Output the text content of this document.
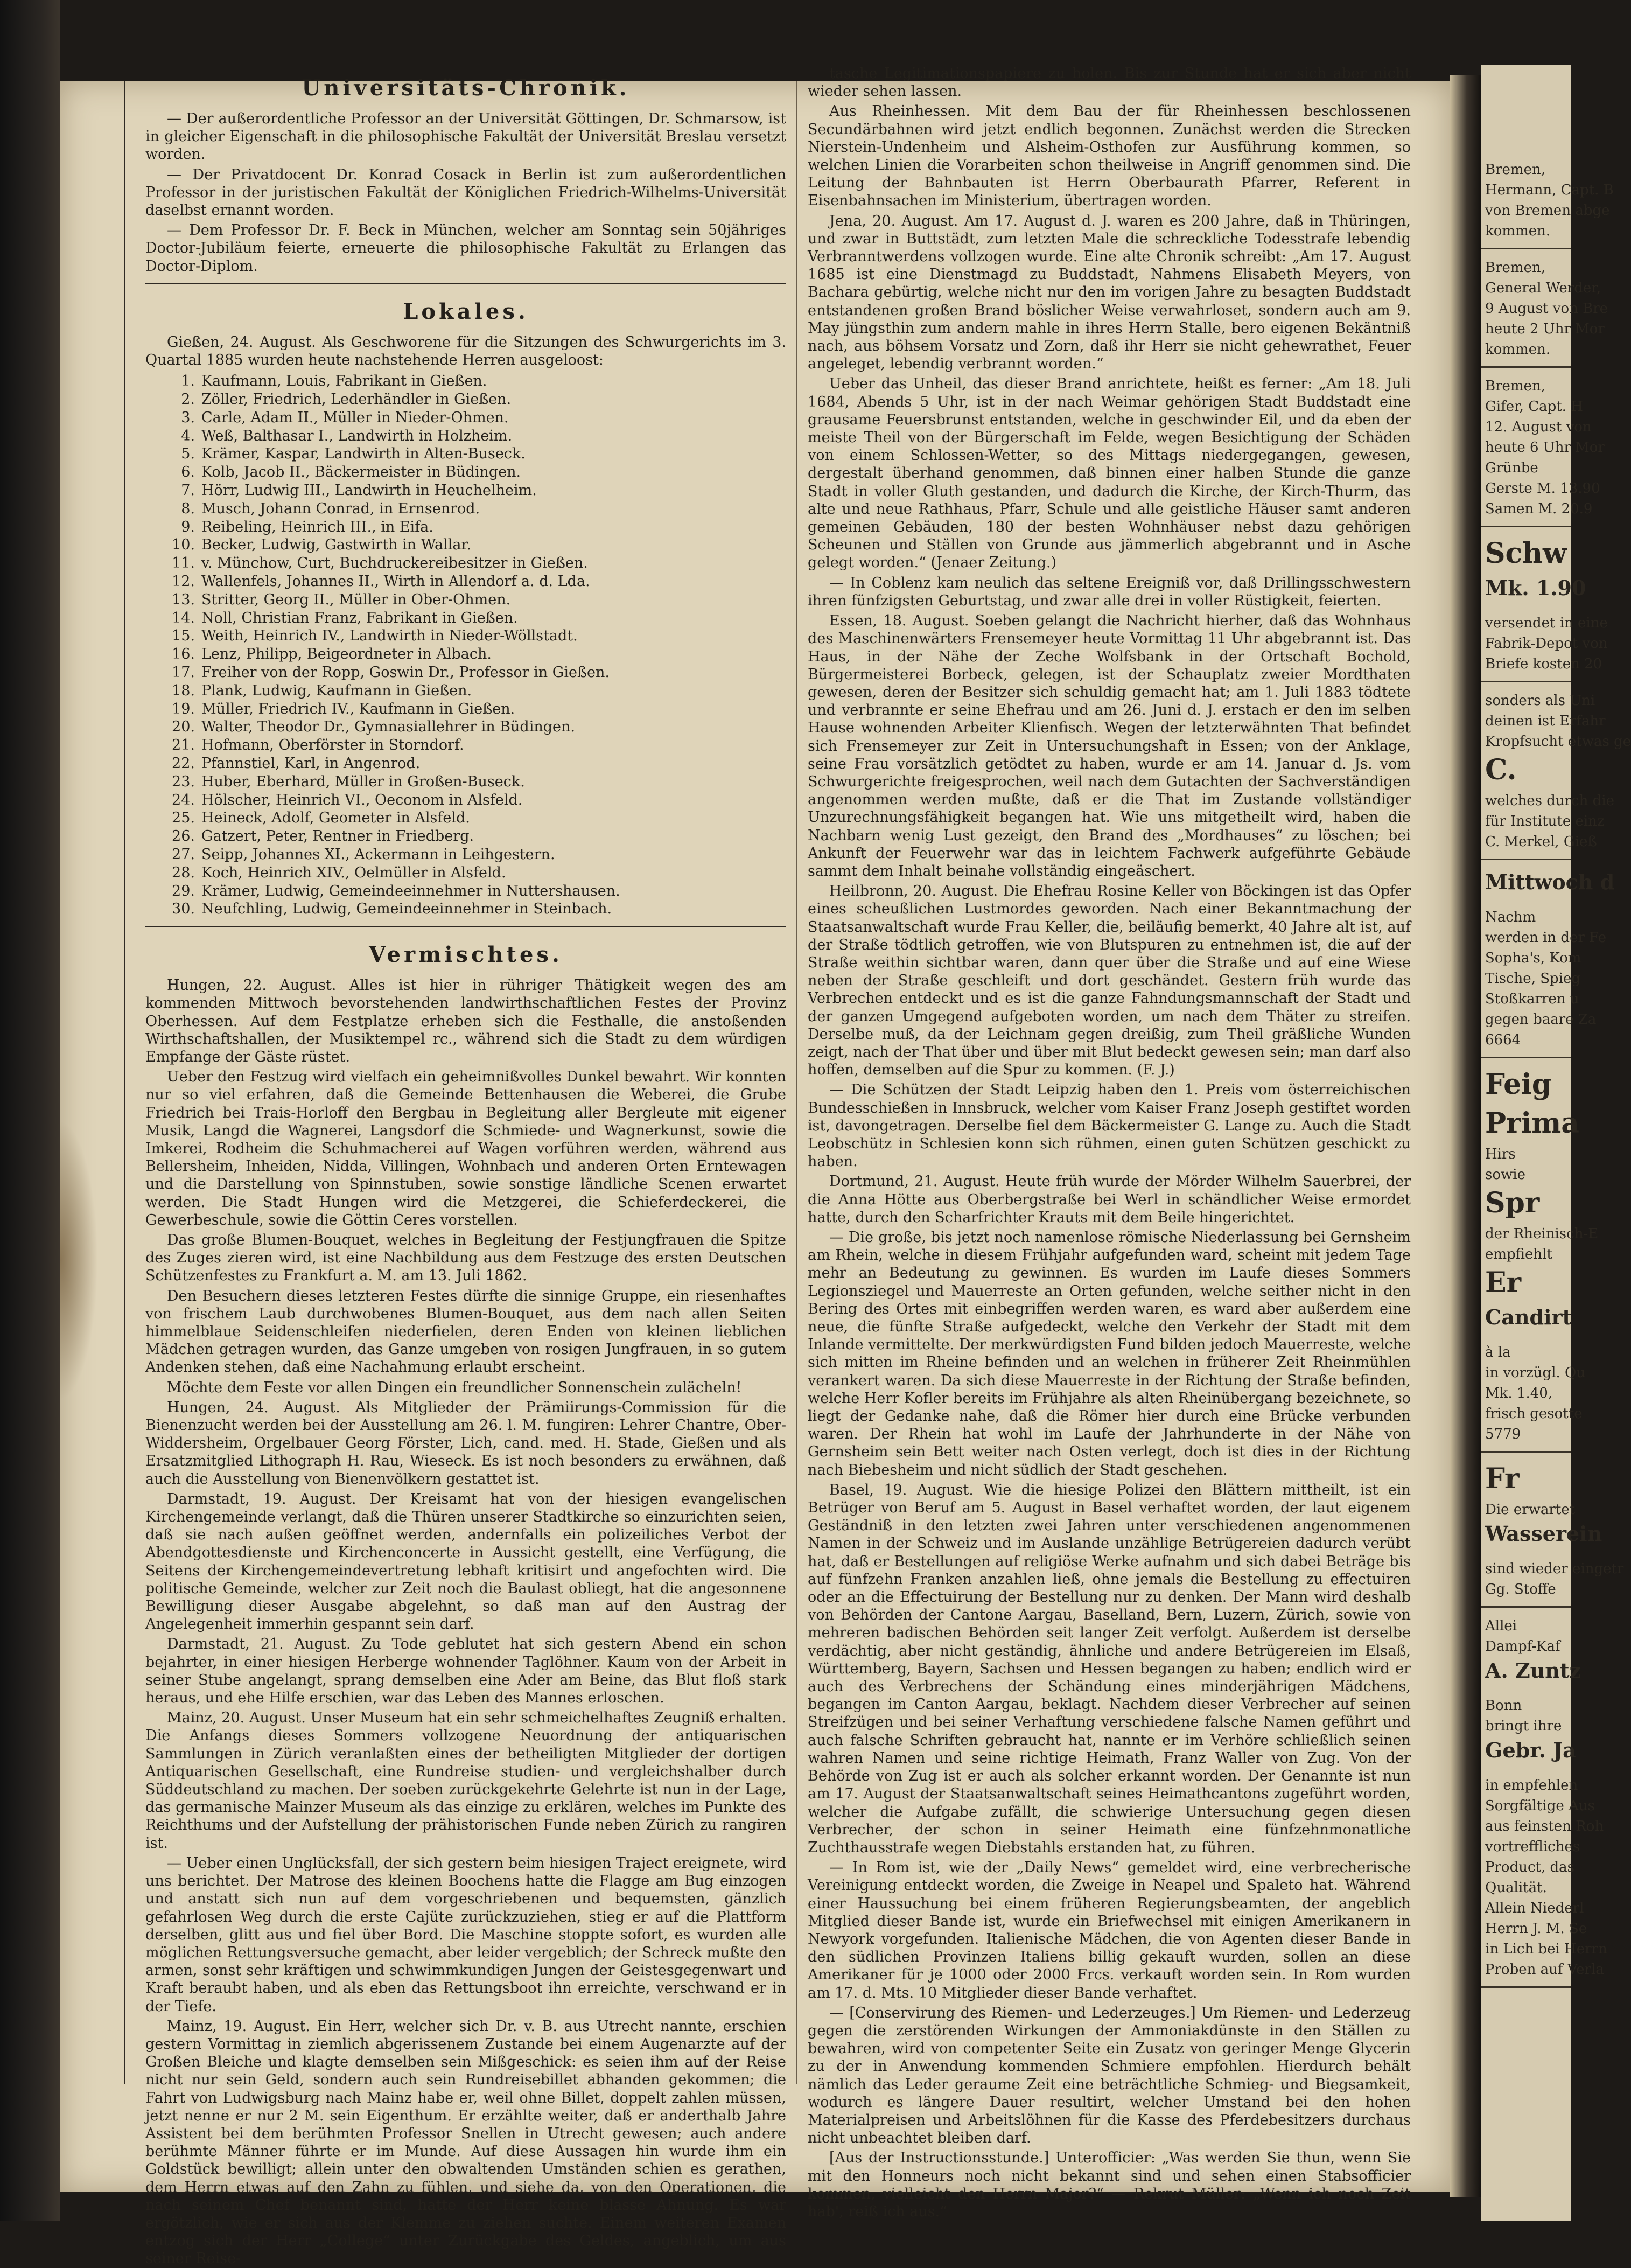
Universitäts-Chronik.

— Der außerordentliche Professor an der Universität Göttingen, Dr. Schmarsow, ist in gleicher Eigenschaft in die philosophische Fakultät der Universität Breslau versetzt worden.

— Der Privatdocent Dr. Konrad Cosack in Berlin ist zum außerordentlichen Professor in der juristischen Fakultät der Königlichen Friedrich-Wilhelms-Universität daselbst ernannt worden.

— Dem Professor Dr. F. Beck in München, welcher am Sonntag sein 50jähriges Doctor-Jubiläum feierte, erneuerte die philosophische Fakultät zu Erlangen das Doctor-Diplom.

Lokales.

Gießen, 24. August. Als Geschworene für die Sitzungen des Schwurgerichts im 3. Quartal 1885 wurden heute nachstehende Herren ausgeloost:

1. Kaufmann, Louis, Fabrikant in Gießen.
2. Zöller, Friedrich, Lederhändler in Gießen.
3. Carle, Adam II., Müller in Nieder-Ohmen.
4. Weß, Balthasar I., Landwirth in Holzheim.
5. Krämer, Kaspar, Landwirth in Alten-Buseck.
6. Kolb, Jacob II., Bäckermeister in Büdingen.
7. Hörr, Ludwig III., Landwirth in Heuchelheim.
8. Musch, Johann Conrad, in Ernsenrod.
9. Reibeling, Heinrich III., in Eifa.
10. Becker, Ludwig, Gastwirth in Wallar.
11. v. Münchow, Curt, Buchdruckereibesitzer in Gießen.
12. Wallenfels, Johannes II., Wirth in Allendorf a. d. Lda.
13. Stritter, Georg II., Müller in Ober-Ohmen.
14. Noll, Christian Franz, Fabrikant in Gießen.
15. Weith, Heinrich IV., Landwirth in Nieder-Wöllstadt.
16. Lenz, Philipp, Beigeordneter in Albach.
17. Freiher von der Ropp, Goswin Dr., Professor in Gießen.
18. Plank, Ludwig, Kaufmann in Gießen.
19. Müller, Friedrich IV., Kaufmann in Gießen.
20. Walter, Theodor Dr., Gymnasiallehrer in Büdingen.
21. Hofmann, Oberförster in Storndorf.
22. Pfannstiel, Karl, in Angenrod.
23. Huber, Eberhard, Müller in Großen-Buseck.
24. Hölscher, Heinrich VI., Oeconom in Alsfeld.
25. Heineck, Adolf, Geometer in Alsfeld.
26. Gatzert, Peter, Rentner in Friedberg.
27. Seipp, Johannes XI., Ackermann in Leihgestern.
28. Koch, Heinrich XIV., Oelmüller in Alsfeld.
29. Krämer, Ludwig, Gemeindeeinnehmer in Nuttershausen.
30. Neufchling, Ludwig, Gemeindeeinnehmer in Steinbach.
Vermischtes.

Hungen, 22. August. Alles ist hier in rühriger Thätigkeit wegen des am kommenden Mittwoch bevorstehenden landwirthschaftlichen Festes der Provinz Oberhessen. Auf dem Festplatze erheben sich die Festhalle, die anstoßenden Wirthschaftshallen, der Musiktempel rc., während sich die Stadt zu dem würdigen Empfange der Gäste rüstet.

Ueber den Festzug wird vielfach ein geheimnißvolles Dunkel bewahrt. Wir konnten nur so viel erfahren, daß die Gemeinde Bettenhausen die Weberei, die Grube Friedrich bei Trais-Horloff den Bergbau in Begleitung aller Bergleute mit eigener Musik, Langd die Wagnerei, Langsdorf die Schmiede- und Wagnerkunst, sowie die Imkerei, Rodheim die Schuhmacherei auf Wagen vorführen werden, während aus Bellersheim, Inheiden, Nidda, Villingen, Wohnbach und anderen Orten Erntewagen und die Darstellung von Spinnstuben, sowie sonstige ländliche Scenen erwartet werden. Die Stadt Hungen wird die Metzgerei, die Schieferdeckerei, die Gewerbeschule, sowie die Göttin Ceres vorstellen.

Das große Blumen-Bouquet, welches in Begleitung der Festjungfrauen die Spitze des Zuges zieren wird, ist eine Nachbildung aus dem Festzuge des ersten Deutschen Schützenfestes zu Frankfurt a. M. am 13. Juli 1862.

Den Besuchern dieses letzteren Festes dürfte die sinnige Gruppe, ein riesenhaftes von frischem Laub durchwobenes Blumen-Bouquet, aus dem nach allen Seiten himmelblaue Seidenschleifen niederfielen, deren Enden von kleinen lieblichen Mädchen getragen wurden, das Ganze umgeben von rosigen Jungfrauen, in so gutem Andenken stehen, daß eine Nachahmung erlaubt erscheint.

Möchte dem Feste vor allen Dingen ein freundlicher Sonnenschein zulächeln!

Hungen, 24. August. Als Mitglieder der Prämiirungs-Commission für die Bienenzucht werden bei der Ausstellung am 26. l. M. fungiren: Lehrer Chantre, Ober-Widdersheim, Orgelbauer Georg Förster, Lich, cand. med. H. Stade, Gießen und als Ersatzmitglied Lithograph H. Rau, Wieseck. Es ist noch besonders zu erwähnen, daß auch die Ausstellung von Bienenvölkern gestattet ist.

Darmstadt, 19. August. Der Kreisamt hat von der hiesigen evangelischen Kirchengemeinde verlangt, daß die Thüren unserer Stadtkirche so einzurichten seien, daß sie nach außen geöffnet werden, andernfalls ein polizeiliches Verbot der Abendgottesdienste und Kirchenconcerte in Aussicht gestellt, eine Verfügung, die Seitens der Kirchengemeindevertretung lebhaft kritisirt und angefochten wird. Die politische Gemeinde, welcher zur Zeit noch die Baulast obliegt, hat die angesonnene Bewilligung dieser Ausgabe abgelehnt, so daß man auf den Austrag der Angelegenheit immerhin gespannt sein darf.

Darmstadt, 21. August. Zu Tode geblutet hat sich gestern Abend ein schon bejahrter, in einer hiesigen Herberge wohnender Taglöhner. Kaum von der Arbeit in seiner Stube angelangt, sprang demselben eine Ader am Beine, das Blut floß stark heraus, und ehe Hilfe erschien, war das Leben des Mannes erloschen.

Mainz, 20. August. Unser Museum hat ein sehr schmeichelhaftes Zeugniß erhalten. Die Anfangs dieses Sommers vollzogene Neuordnung der antiquarischen Sammlungen in Zürich veranlaßten eines der betheiligten Mitglieder der dortigen Antiquarischen Gesellschaft, eine Rundreise studien- und vergleichshalber durch Süddeutschland zu machen. Der soeben zurückgekehrte Gelehrte ist nun in der Lage, das germanische Mainzer Museum als das einzige zu erklären, welches im Punkte des Reichthums und der Aufstellung der prähistorischen Funde neben Zürich zu rangiren ist.

— Ueber einen Unglücksfall, der sich gestern beim hiesigen Traject ereignete, wird uns berichtet. Der Matrose des kleinen Boochens hatte die Flagge am Bug einzogen und anstatt sich nun auf dem vorgeschriebenen und bequemsten, gänzlich gefahrlosen Weg durch die erste Cajüte zurückzuziehen, stieg er auf die Plattform derselben, glitt aus und fiel über Bord. Die Maschine stoppte sofort, es wurden alle möglichen Rettungsversuche gemacht, aber leider vergeblich; der Schreck mußte den armen, sonst sehr kräftigen und schwimmkundigen Jungen der Geistesgegenwart und Kraft beraubt haben, und als eben das Rettungsboot ihn erreichte, verschwand er in der Tiefe.

Mainz, 19. August. Ein Herr, welcher sich Dr. v. B. aus Utrecht nannte, erschien gestern Vormittag in ziemlich abgerissenem Zustande bei einem Augenarzte auf der Großen Bleiche und klagte demselben sein Mißgeschick: es seien ihm auf der Reise nicht nur sein Geld, sondern auch sein Rundreisebillet abhanden gekommen; die Fahrt von Ludwigsburg nach Mainz habe er, weil ohne Billet, doppelt zahlen müssen, jetzt nenne er nur 2 M. sein Eigenthum. Er erzählte weiter, daß er anderthalb Jahre Assistent bei dem berühmten Professor Snellen in Utrecht gewesen; auch andere berühmte Männer führte er im Munde. Auf diese Aussagen hin wurde ihm ein Goldstück bewilligt; allein unter den obwaltenden Umständen schien es gerathen, dem Herrn etwas auf den Zahn zu fühlen, und siehe da, von den Operationen, die nach seinem Chef benannt sind, hatte der Herr keine blasse Ahnung. Es war ergötzlich, wie er sich aus der Klemme zu ziehen suchte. Einem weiteren Examen entzog sich der Herr „College“ unter Zurückgabe des Geldes, angeblich, um aus seiner Reise-

tasche Legitimationspapiere zu holen. Bis zur Stunde hat er sich aber nicht wieder sehen lassen.

Aus Rheinhessen. Mit dem Bau der für Rheinhessen beschlossenen Secundärbahnen wird jetzt endlich begonnen. Zunächst werden die Strecken Nierstein-Undenheim und Alsheim-Osthofen zur Ausführung kommen, so welchen Linien die Vorarbeiten schon theilweise in Angriff genommen sind. Die Leitung der Bahnbauten ist Herrn Oberbaurath Pfarrer, Referent in Eisenbahnsachen im Ministerium, übertragen worden.

Jena, 20. August. Am 17. August d. J. waren es 200 Jahre, daß in Thüringen, und zwar in Buttstädt, zum letzten Male die schreckliche Todesstrafe lebendig Verbranntwerdens vollzogen wurde. Eine alte Chronik schreibt: „Am 17. August 1685 ist eine Dienstmagd zu Buddstadt, Nahmens Elisabeth Meyers, von Bachara gebürtig, welche nicht nur den im vorigen Jahre zu besagten Buddstadt entstandenen großen Brand böslicher Weise verwahrloset, sondern auch am 9. May jüngsthin zum andern mahle in ihres Herrn Stalle, bero eigenen Bekäntniß nach, aus böhsem Vorsatz und Zorn, daß ihr Herr sie nicht gehewrathet, Feuer angeleget, lebendig verbrannt worden.“

Ueber das Unheil, das dieser Brand anrichtete, heißt es ferner: „Am 18. Juli 1684, Abends 5 Uhr, ist in der nach Weimar gehörigen Stadt Buddstadt eine grausame Feuersbrunst entstanden, welche in geschwinder Eil, und da eben der meiste Theil von der Bürgerschaft im Felde, wegen Besichtigung der Schäden von einem Schlossen-Wetter, so des Mittags niedergegangen, gewesen, dergestalt überhand genommen, daß binnen einer halben Stunde die ganze Stadt in voller Gluth gestanden, und dadurch die Kirche, der Kirch-Thurm, das alte und neue Rathhaus, Pfarr, Schule und alle geistliche Häuser samt anderen gemeinen Gebäuden, 180 der besten Wohnhäuser nebst dazu gehörigen Scheunen und Ställen von Grunde aus jämmerlich abgebrannt und in Asche gelegt worden.“ (Jenaer Zeitung.)

— In Coblenz kam neulich das seltene Ereigniß vor, daß Drillingsschwestern ihren fünfzigsten Geburtstag, und zwar alle drei in voller Rüstigkeit, feierten.

Essen, 18. August. Soeben gelangt die Nachricht hierher, daß das Wohnhaus des Maschinenwärters Frensemeyer heute Vormittag 11 Uhr abgebrannt ist. Das Haus, in der Nähe der Zeche Wolfsbank in der Ortschaft Bochold, Bürgermeisterei Borbeck, gelegen, ist der Schauplatz zweier Mordthaten gewesen, deren der Besitzer sich schuldig gemacht hat; am 1. Juli 1883 tödtete und verbrannte er seine Ehefrau und am 26. Juni d. J. erstach er den im selben Hause wohnenden Arbeiter Klienfisch. Wegen der letzterwähnten That befindet sich Frensemeyer zur Zeit in Untersuchungshaft in Essen; von der Anklage, seine Frau vorsätzlich getödtet zu haben, wurde er am 14. Januar d. Js. vom Schwurgerichte freigesprochen, weil nach dem Gutachten der Sachverständigen angenommen werden mußte, daß er die That im Zustande vollständiger Unzurechnungsfähigkeit begangen hat. Wie uns mitgetheilt wird, haben die Nachbarn wenig Lust gezeigt, den Brand des „Mordhauses“ zu löschen; bei Ankunft der Feuerwehr war das in leichtem Fachwerk aufgeführte Gebäude sammt dem Inhalt beinahe vollständig eingeäschert.

Heilbronn, 20. August. Die Ehefrau Rosine Keller von Böckingen ist das Opfer eines scheußlichen Lustmordes geworden. Nach einer Bekanntmachung der Staatsanwaltschaft wurde Frau Keller, die, beiläufig bemerkt, 40 Jahre alt ist, auf der Straße tödtlich getroffen, wie von Blutspuren zu entnehmen ist, die auf der Straße weithin sichtbar waren, dann quer über die Straße und auf eine Wiese neben der Straße geschleift und dort geschändet. Gestern früh wurde das Verbrechen entdeckt und es ist die ganze Fahndungsmannschaft der Stadt und der ganzen Umgegend aufgeboten worden, um nach dem Thäter zu streifen. Derselbe muß, da der Leichnam gegen dreißig, zum Theil gräßliche Wunden zeigt, nach der That über und über mit Blut bedeckt gewesen sein; man darf also hoffen, demselben auf die Spur zu kommen. (F. J.)

— Die Schützen der Stadt Leipzig haben den 1. Preis vom österreichischen Bundesschießen in Innsbruck, welcher vom Kaiser Franz Joseph gestiftet worden ist, davongetragen. Derselbe fiel dem Bäckermeister G. Lange zu. Auch die Stadt Leobschütz in Schlesien konn sich rühmen, einen guten Schützen geschickt zu haben.

Dortmund, 21. August. Heute früh wurde der Mörder Wilhelm Sauerbrei, der die Anna Hötte aus Oberbergstraße bei Werl in schändlicher Weise ermordet hatte, durch den Scharfrichter Krauts mit dem Beile hingerichtet.

— Die große, bis jetzt noch namenlose römische Niederlassung bei Gernsheim am Rhein, welche in diesem Frühjahr aufgefunden ward, scheint mit jedem Tage mehr an Bedeutung zu gewinnen. Es wurden im Laufe dieses Sommers Legionsziegel und Mauerreste an Orten gefunden, welche seither nicht in den Bering des Ortes mit einbegriffen werden waren, es ward aber außerdem eine neue, die fünfte Straße aufgedeckt, welche den Verkehr der Stadt mit dem Inlande vermittelte. Der merkwürdigsten Fund bilden jedoch Mauerreste, welche sich mitten im Rheine befinden und an welchen in früherer Zeit Rheinmühlen verankert waren. Da sich diese Mauerreste in der Richtung der Straße befinden, welche Herr Kofler bereits im Frühjahre als alten Rheinübergang bezeichnete, so liegt der Gedanke nahe, daß die Römer hier durch eine Brücke verbunden waren. Der Rhein hat wohl im Laufe der Jahrhunderte in der Nähe von Gernsheim sein Bett weiter nach Osten verlegt, doch ist dies in der Richtung nach Biebesheim und nicht südlich der Stadt geschehen.

Basel, 19. August. Wie die hiesige Polizei den Blättern mittheilt, ist ein Betrüger von Beruf am 5. August in Basel verhaftet worden, der laut eigenem Geständniß in den letzten zwei Jahren unter verschiedenen angenommenen Namen in der Schweiz und im Auslande unzählige Betrügereien dadurch verübt hat, daß er Bestellungen auf religiöse Werke aufnahm und sich dabei Beträge bis auf fünfzehn Franken anzahlen ließ, ohne jemals die Bestellung zu effectuiren oder an die Effectuirung der Bestellung nur zu denken. Der Mann wird deshalb von Behörden der Cantone Aargau, Baselland, Bern, Luzern, Zürich, sowie von mehreren badischen Behörden seit langer Zeit verfolgt. Außerdem ist derselbe verdächtig, aber nicht geständig, ähnliche und andere Betrügereien im Elsaß, Württemberg, Bayern, Sachsen und Hessen begangen zu haben; endlich wird er auch des Verbrechens der Schändung eines minderjährigen Mädchens, begangen im Canton Aargau, beklagt. Nachdem dieser Verbrecher auf seinen Streifzügen und bei seiner Verhaftung verschiedene falsche Namen geführt und auch falsche Schriften gebraucht hat, nannte er im Verhöre schließlich seinen wahren Namen und seine richtige Heimath, Franz Waller von Zug. Von der Behörde von Zug ist er auch als solcher erkannt worden. Der Genannte ist nun am 17. August der Staatsanwaltschaft seines Heimathcantons zugeführt worden, welcher die Aufgabe zufällt, die schwierige Untersuchung gegen diesen Verbrecher, der schon in seiner Heimath eine fünfzehnmonatliche Zuchthausstrafe wegen Diebstahls erstanden hat, zu führen.

— In Rom ist, wie der „Daily News“ gemeldet wird, eine verbrecherische Vereinigung entdeckt worden, die Zweige in Neapel und Spaleto hat. Während einer Haussuchung bei einem früheren Regierungsbeamten, der angeblich Mitglied dieser Bande ist, wurde ein Briefwechsel mit einigen Amerikanern in Newyork vorgefunden. Italienische Mädchen, die von Agenten dieser Bande in den südlichen Provinzen Italiens billig gekauft wurden, sollen an diese Amerikaner für je 1000 oder 2000 Frcs. verkauft worden sein. In Rom wurden am 17. d. Mts. 10 Mitglieder dieser Bande verhaftet.

— [Conservirung des Riemen- und Lederzeuges.] Um Riemen- und Lederzeug gegen die zerstörenden Wirkungen der Ammoniakdünste in den Ställen zu bewahren, wird von competenter Seite ein Zusatz von geringer Menge Glycerin zu der in Anwendung kommenden Schmiere empfohlen. Hierdurch behält nämlich das Leder geraume Zeit eine beträchtliche Schmieg- und Biegsamkeit, wodurch es längere Dauer resultirt, welcher Umstand bei den hohen Materialpreisen und Arbeitslöhnen für die Kasse des Pferdebesitzers durchaus nicht unbeachtet bleiben darf.

[Aus der Instructionsstunde.] Unterofficier: „Was werden Sie thun, wenn Sie mit den Honneurs noch nicht bekannt sind und sehen einen Stabsofficier kommen, vielleicht den Herrn Major?“ — Rekrut Müller: „Wenn ich noch Zeit hab', reiß ich aus.“

Bremen,
Hermann, Capt. B
von Bremen abge
kommen.
Bremen,
General Werder,
9 August von Bre
heute 2 Uhr Mor
kommen.
Bremen,
Gifer, Capt. H
12. August von
heute 6 Uhr Mor
Grünbe
Gerste M. 13.90
Samen M. 20.9
Schw
Mk. 1.90
versendet in eine
Fabrik-Depot von
Briefe kosten 20
sonders als Uni
deinen ist Erfahr
Kropfsucht etwas ge
C.
welches durch die
für Institute einz
C. Merkel, Gieß
Mittwoch d
Nachm
werden in der Fe
Sopha's, Kom
Tische, Spieg
Stoßkarren u
gegen baare Za
6664
Feig
Prima
Hirs
sowie
Spr
der Rheinisch-E
empfiehlt
Er
Candirt
à la
in vorzügl. Qu
Mk. 1.40,
frisch gesotte
5779
Fr
Die erwartet
Wasserein
sind wieder eingetr
Gg. Stoffe
Allei
Dampf-Kaf
A. Zuntz
Bonn
bringt ihre
Gebr. Ja
in empfehlen
Sorgfältige Aus
aus feinsten Roh
vortreffliches
Product, das
Qualität.
Allein Niederl
Herrn J. M. Se
in Lich bei Herrn
Proben auf Verla
